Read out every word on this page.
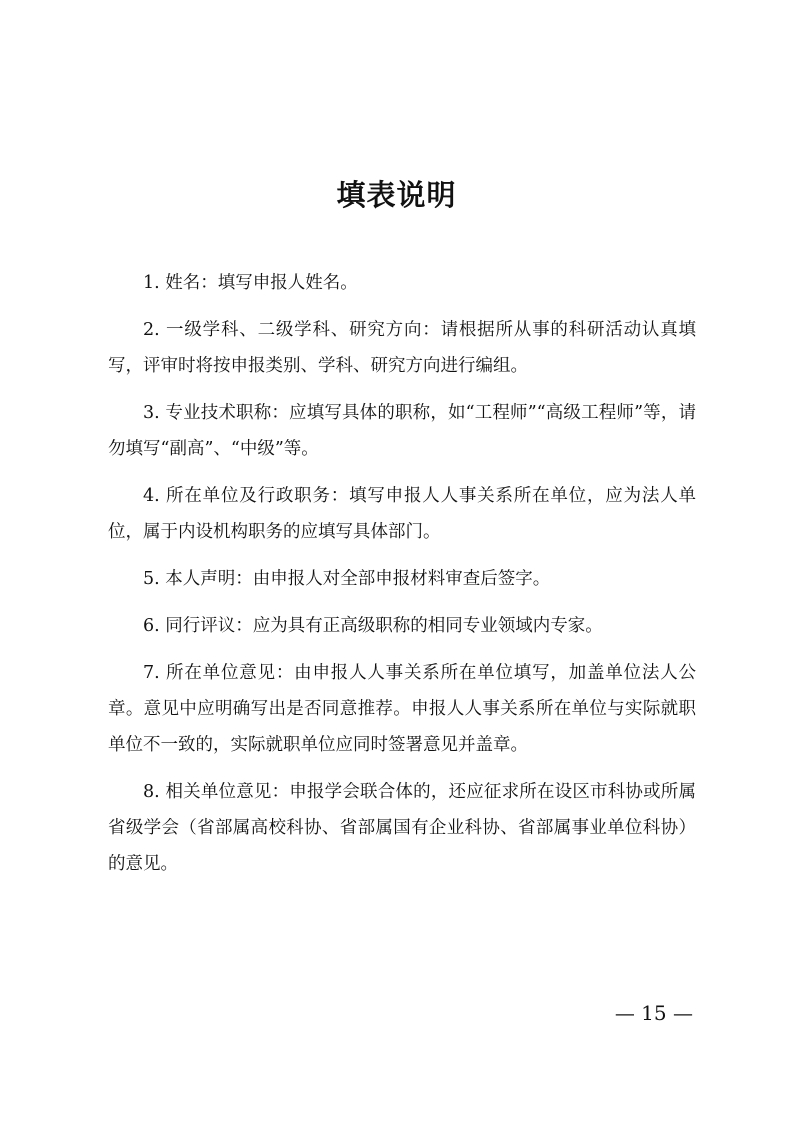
填表说明

1. 姓名：填写申报人姓名。

2. 一级学科、二级学科、研究方向：请根据所从事的科研活动认真填写，评审时将按申报类别、学科、研究方向进行编组。

3. 专业技术职称：应填写具体的职称，如“工程师”“高级工程师”等，请勿填写“副高”、“中级”等。

4. 所在单位及行政职务：填写申报人人事关系所在单位，应为法人单位，属于内设机构职务的应填写具体部门。

5. 本人声明：由申报人对全部申报材料审查后签字。

6. 同行评议：应为具有正高级职称的相同专业领域内专家。

7. 所在单位意见：由申报人人事关系所在单位填写，加盖单位法人公章。意见中应明确写出是否同意推荐。申报人人事关系所在单位与实际就职单位不一致的，实际就职单位应同时签署意见并盖章。

8. 相关单位意见：申报学会联合体的，还应征求所在设区市科协或所属省级学会（省部属高校科协、省部属国有企业科协、省部属事业单位科协）的意见。

— 15 —
